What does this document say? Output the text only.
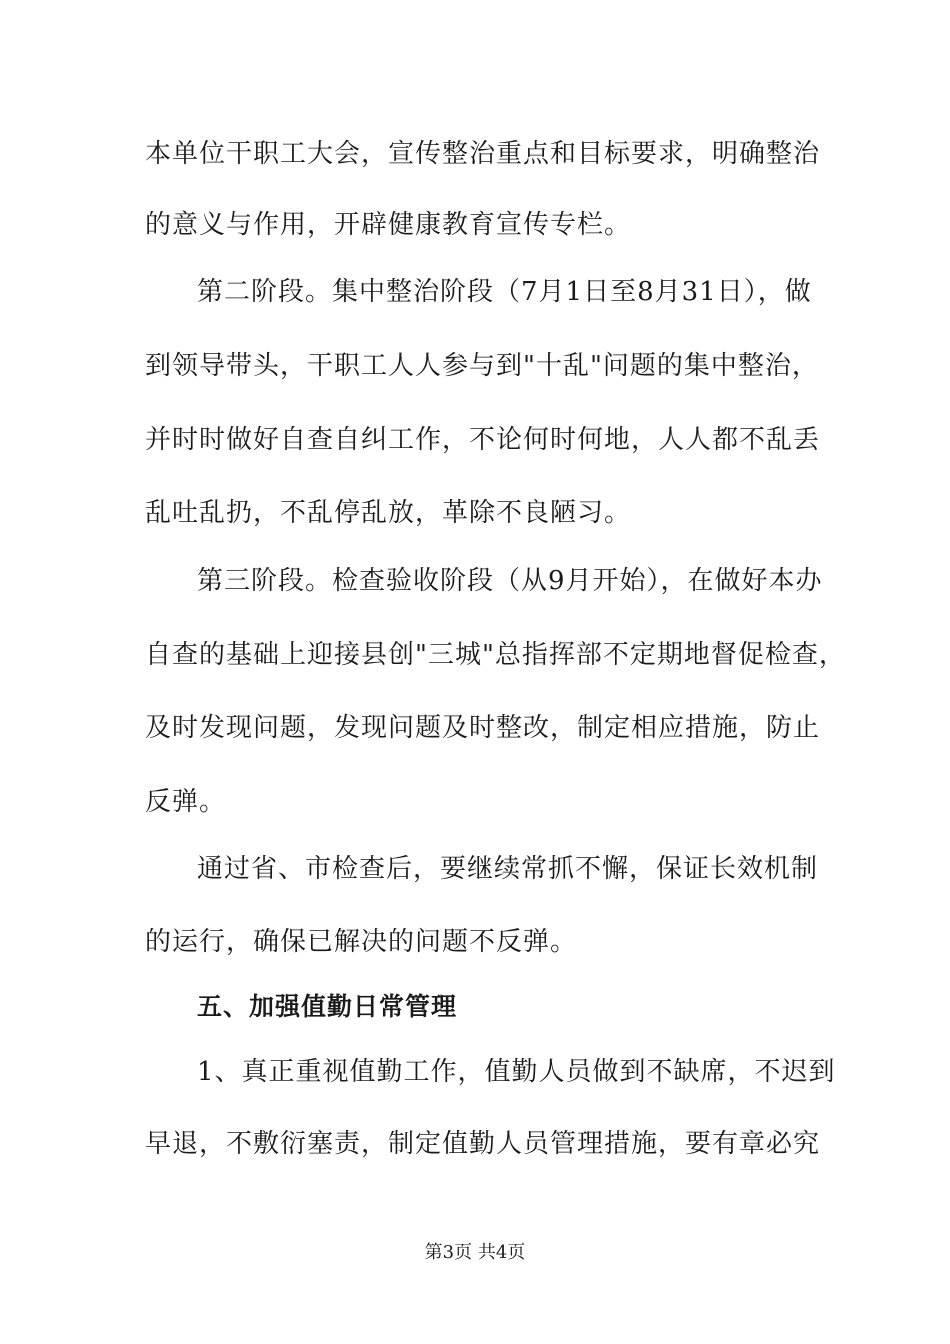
本单位干职工大会，宣传整治重点和目标要求，明确整治
的意义与作用，开辟健康教育宣传专栏。
第二阶段。集中整治阶段（7月1日至8月31日），做
到领导带头，干职工人人参与到"十乱"问题的集中整治，
并时时做好自查自纠工作，不论何时何地，人人都不乱丢
乱吐乱扔，不乱停乱放，革除不良陋习。
第三阶段。检查验收阶段（从9月开始），在做好本办
自查的基础上迎接县创"三城"总指挥部不定期地督促检查，
及时发现问题，发现问题及时整改，制定相应措施，防止
反弹。
通过省、市检查后，要继续常抓不懈，保证长效机制
的运行，确保已解决的问题不反弹。
五、加强值勤日常管理
1、真正重视值勤工作，值勤人员做到不缺席，不迟到
早退，不敷衍塞责，制定值勤人员管理措施，要有章必究
第3页 共4页
